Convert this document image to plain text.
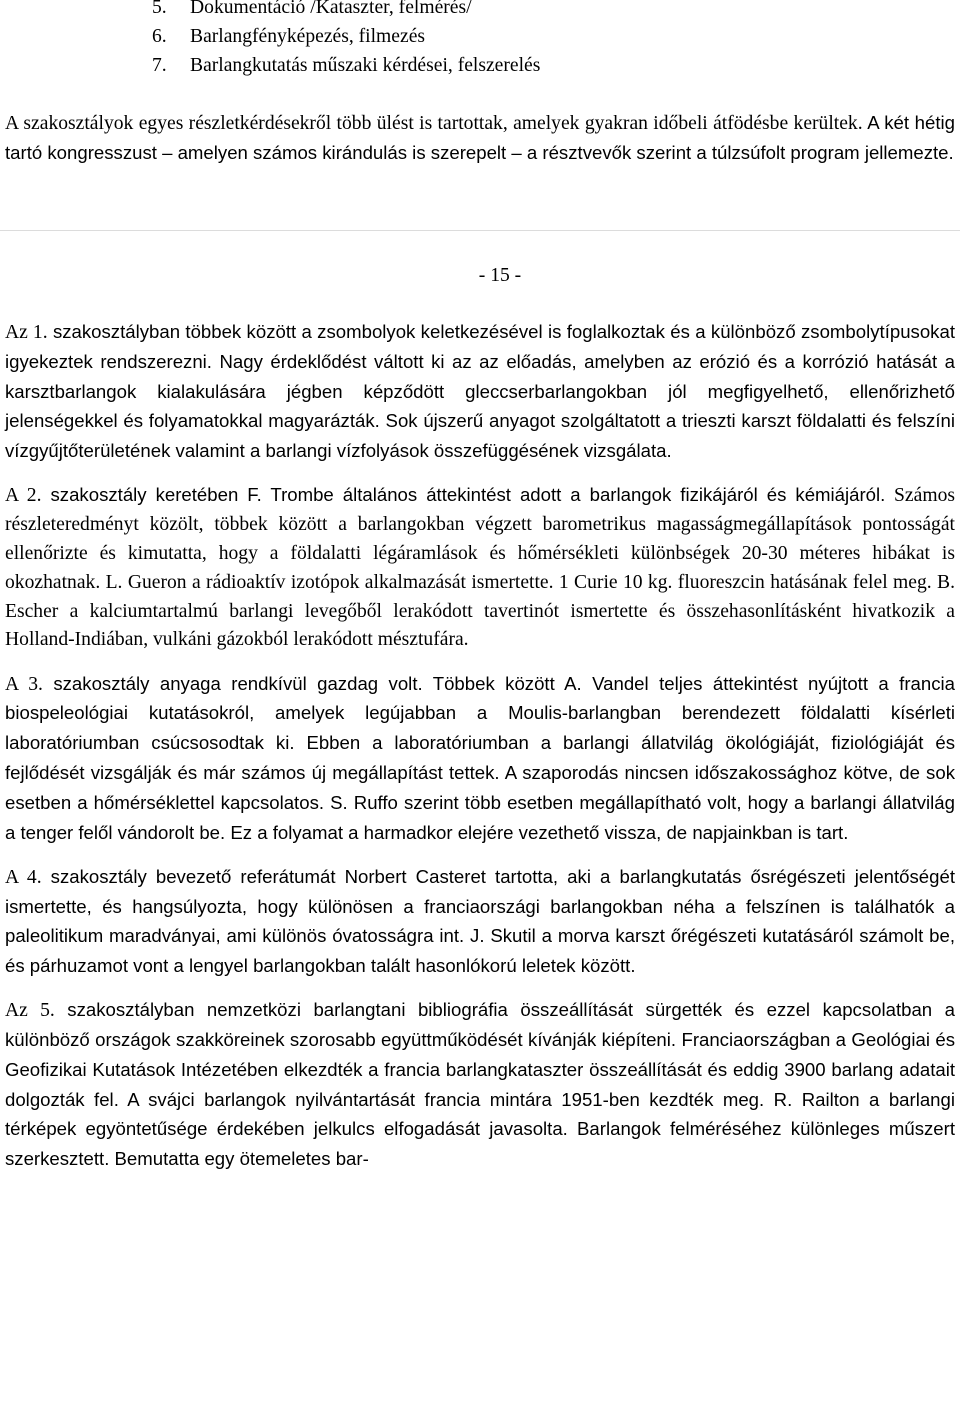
5. Dokumentáció /Kataszter, felmérés/
6. Barlangfényképezés, filmezés
7. Barlangkutatás műszaki kérdései, felszerelés

A szakosztályok egyes részletkérdésekről több ülést is tartottak, amelyek gyakran időbeli átfödésbe kerültek. A két hétig tartó kongresszust – amelyen számos kirándulás is szerepelt – a résztvevők szerint a túlzsúfolt program jellemezte.

- 15 -

Az 1. szakosztályban többek között a zsombolyok keletkezésével is foglalkoztak és a különböző zsombolytípusokat igyekeztek rendszerezni. Nagy érdeklődést váltott ki az az előadás, amelyben az erózió és a korrózió hatását a karsztbarlangok kialakulására jégben képződött gleccserbarlangokban jól megfigyelhető, ellenőrizhető jelenségekkel és folyamatokkal magyarázták. Sok újszerű anyagot szolgáltatott a trieszti karszt földalatti és felszíni vízgyűjtőterületének valamint a barlangi vízfolyások összefüggésének vizsgálata.

A 2. szakosztály keretében F. Trombe általános áttekintést adott a barlangok fizikájáról és kémiájáról. Számos részleteredményt közölt, többek között a barlangokban végzett barometrikus magasságmegállapítások pontosságát ellenőrizte és kimutatta, hogy a földalatti légáramlások és hőmérsékleti különbségek 20-30 méteres hibákat is okozhatnak. L. Gueron a rádioaktív izotópok alkalmazását ismertette. 1 Curie 10 kg. fluoreszcin hatásának felel meg. B. Escher a kalciumtartalmú barlangi levegőből lerakódott tavertinót ismertette és összehasonlításként hivatkozik a Holland-Indiában, vulkáni gázokból lerakódott mésztufára.

A 3. szakosztály anyaga rendkívül gazdag volt. Többek között A. Vandel teljes áttekintést nyújtott a francia biospeleológiai kutatásokról, amelyek legújabban a Moulis-barlangban berendezett földalatti kísérleti laboratóriumban csúcsosodtak ki. Ebben a laboratóriumban a barlangi állatvilág ökológiáját, fiziológiáját és fejlődését vizsgálják és már számos új megállapítást tettek. A szaporodás nincsen időszakossághoz kötve, de sok esetben a hőmérséklettel kapcsolatos. S. Ruffo szerint több esetben megállapítható volt, hogy a barlangi állatvilág a tenger felől vándorolt be. Ez a folyamat a harmadkor elejére vezethető vissza, de napjainkban is tart.

A 4. szakosztály bevezető referátumát Norbert Casteret tartotta, aki a barlangkutatás ősrégészeti jelentőségét ismertette, és hangsúlyozta, hogy különösen a franciaországi barlangokban néha a felszínen is találhatók a paleolitikum maradványai, ami különös óvatosságra int. J. Skutil a morva karszt őrégészeti kutatásáról számolt be, és párhuzamot vont a lengyel barlangokban talált hasonlókorú leletek között.

Az 5. szakosztályban nemzetközi barlangtani bibliográfia összeállítását sürgették és ezzel kapcsolatban a különböző országok szakköreinek szorosabb együttműködését kívánják kiépíteni. Franciaországban a Geológiai és Geofizikai Kutatások Intézetében elkezdték a francia barlangkataszter összeállítását és eddig 3900 barlang adatait dolgozták fel. A svájci barlangok nyilvántartását francia mintára 1951-ben kezdték meg. R. Railton a barlangi térképek egyöntetűsége érdekében jelkulcs elfogadását javasolta. Barlangok felméréséhez különleges műszert szerkesztett. Bemutatta egy ötemeletes bar-
